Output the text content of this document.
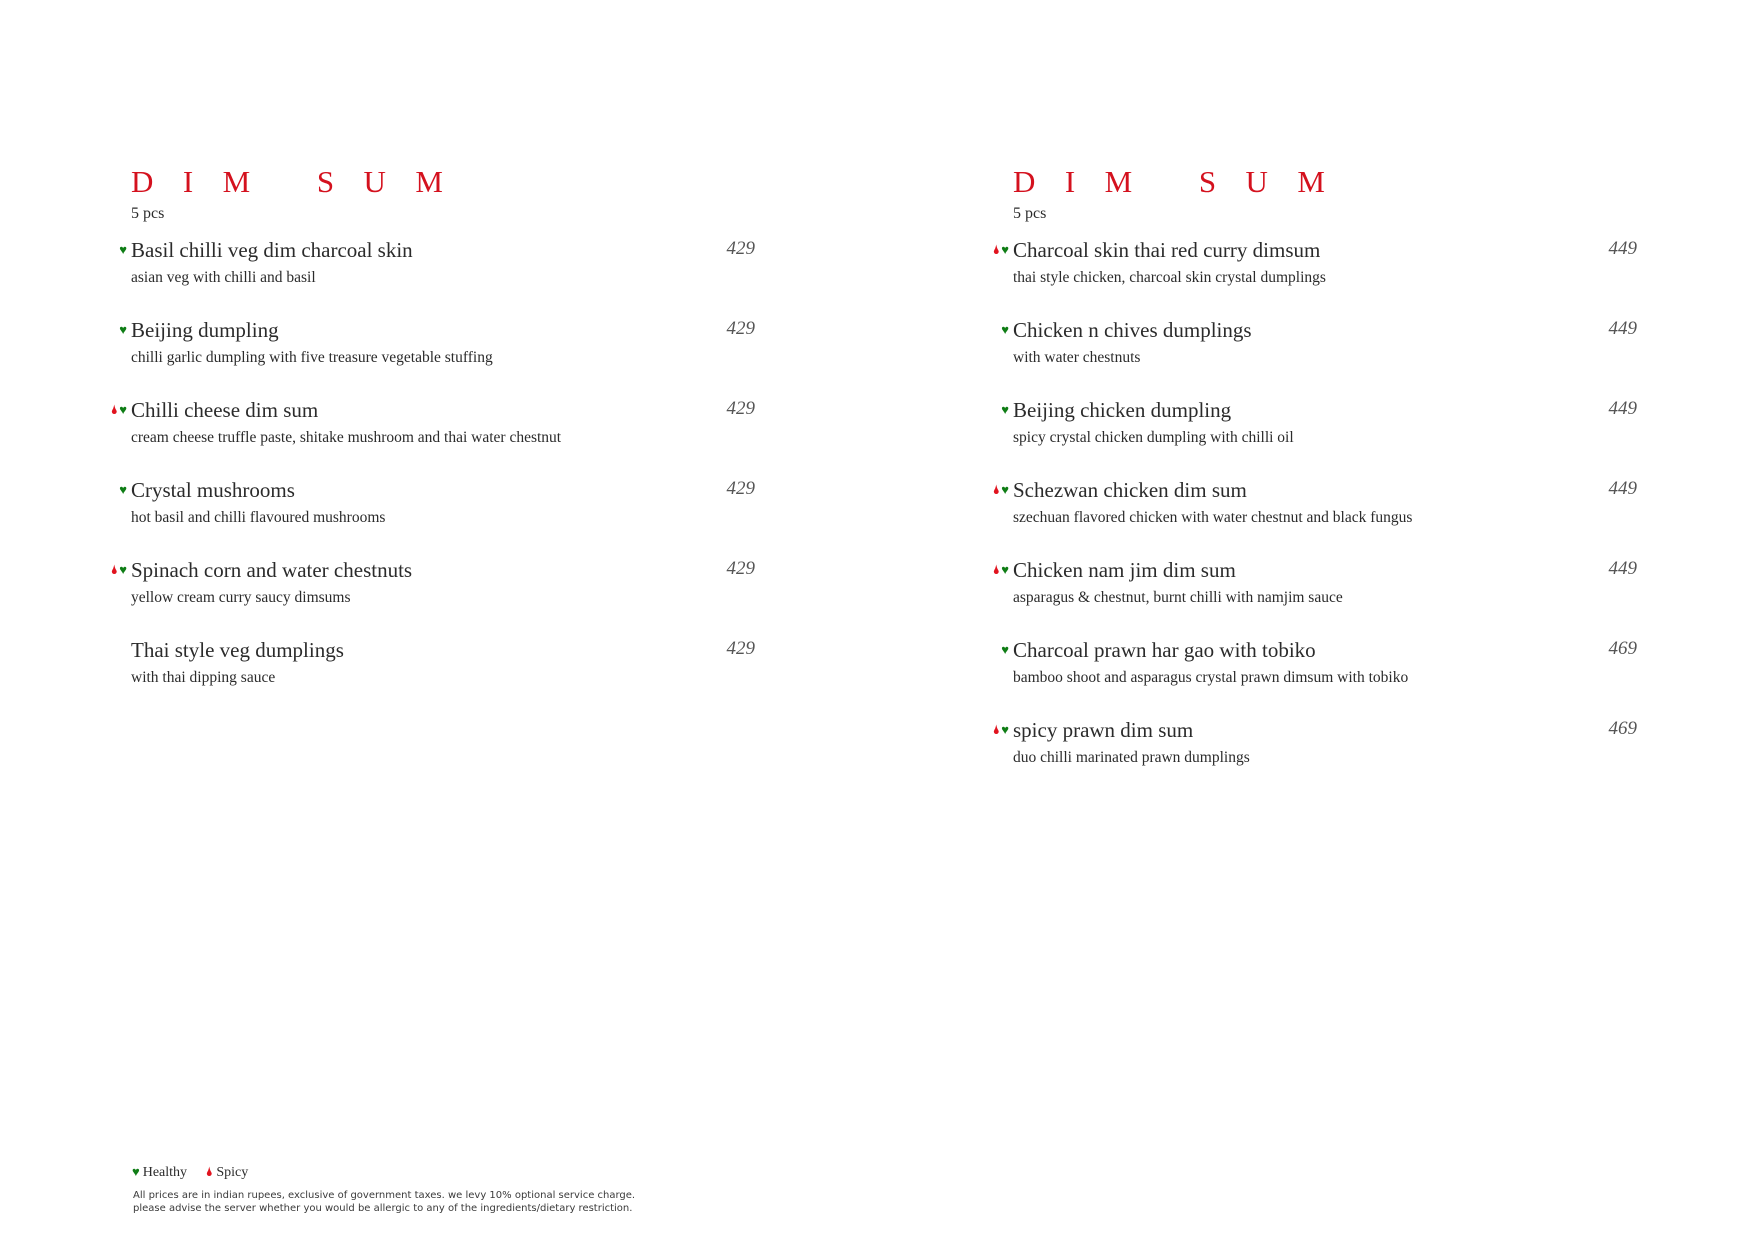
DIM SUM
5 pcs
♥ Basil chilli veg dim charcoal skin
asian veg with chilli and basil
429
♥ Beijing dumpling
chilli garlic dumpling with five treasure vegetable stuffing
429
🌢♥ Chilli cheese dim sum
cream cheese truffle paste, shitake mushroom and thai water chestnut
429
♥ Crystal mushrooms
hot basil and chilli flavoured mushrooms
429
🌢♥ Spinach corn and water chestnuts
yellow cream curry saucy dimsums
429
Thai style veg dumplings
with thai dipping sauce
429
DIM SUM
5 pcs
🌢♥ Charcoal skin thai red curry dimsum
thai style chicken, charcoal skin crystal dumplings
449
♥ Chicken n chives dumplings
with water chestnuts
449
♥ Beijing chicken dumpling
spicy crystal chicken dumpling with chilli oil
449
🌢♥ Schezwan chicken dim sum
szechuan flavored chicken with water chestnut and black fungus
449
🌢♥ Chicken nam jim dim sum
asparagus & chestnut, burnt chilli with namjim sauce
449
♥ Charcoal prawn har gao with tobiko
bamboo shoot and asparagus crystal prawn dimsum with tobiko
469
🌢♥ spicy prawn dim sum
duo chilli marinated prawn dumplings
469
♥ Healthy 🌢 Spicy
All prices are in indian rupees, exclusive of government taxes. we levy 10% optional service charge.
please advise the server whether you would be allergic to any of the ingredients/dietary restriction.
